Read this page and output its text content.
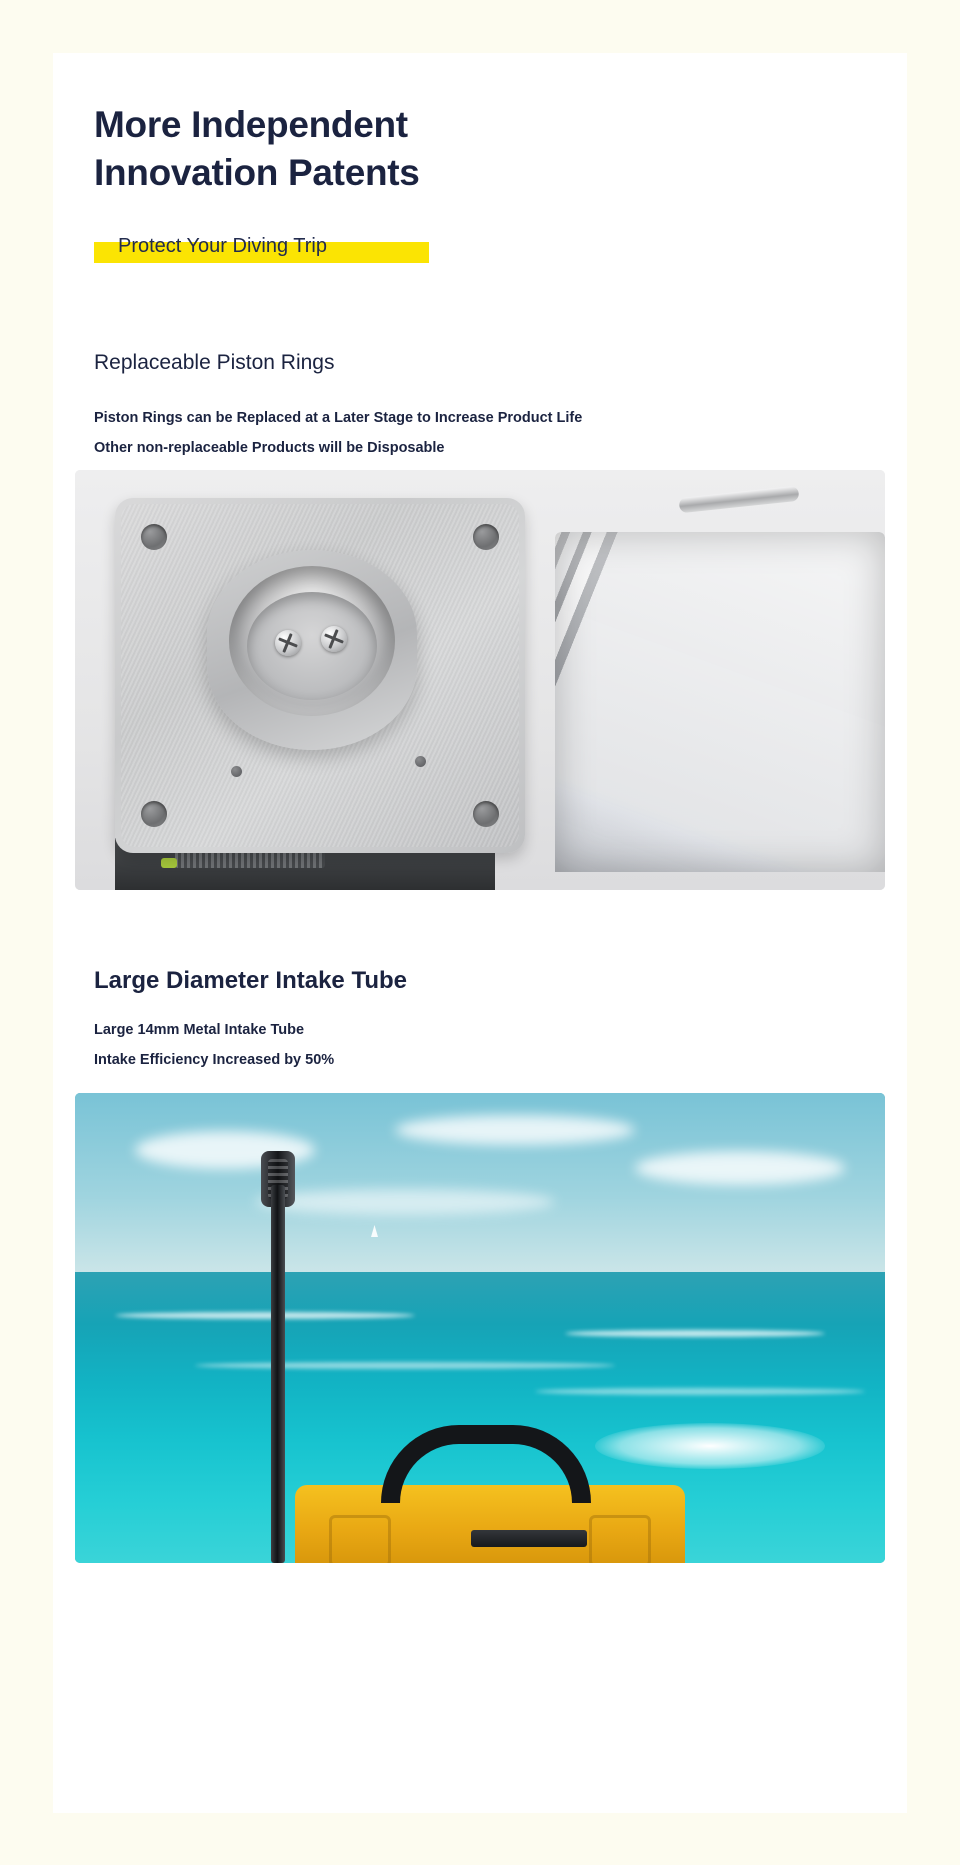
More Independent
Innovation Patents
Protect Your Diving Trip
Replaceable Piston Rings
Piston Rings can be Replaced at a Later Stage to Increase Product Life
Other non-replaceable Products will be Disposable
Large Diameter Intake Tube
Large 14mm Metal Intake Tube
Intake Efficiency Increased by 50%
